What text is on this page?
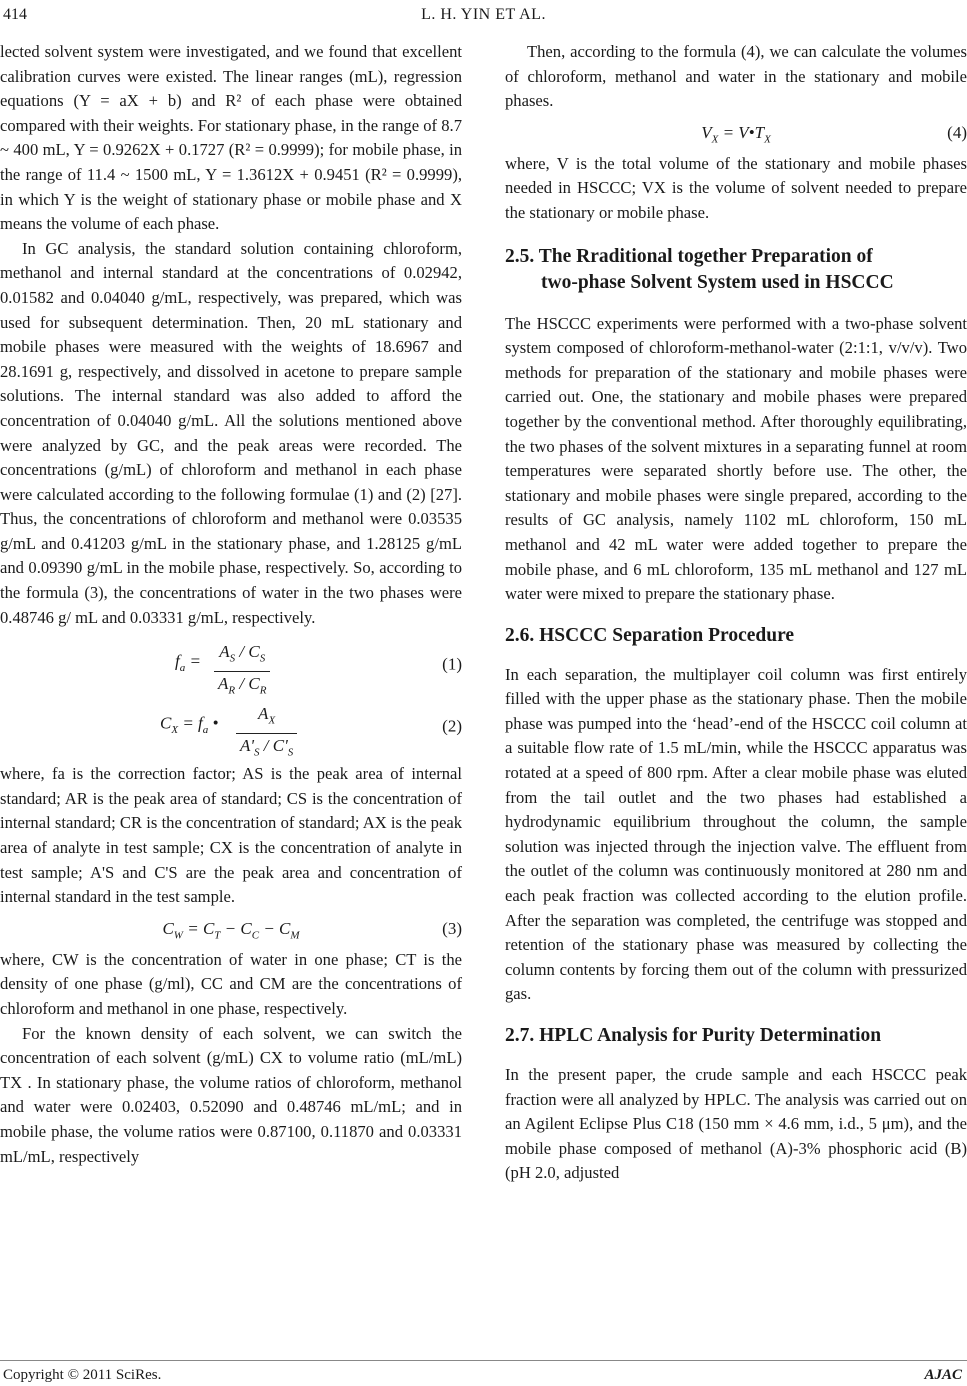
414	L. H. YIN ET AL.

lected solvent system were investigated, and we found that excellent calibration curves were existed. The linear ranges (mL), regression equations (Y = aX + b) and R² of each phase were obtained compared with their weights. For stationary phase, in the range of 8.7 ~ 400 mL, Y = 0.9262X + 0.1727 (R² = 0.9999); for mobile phase, in the range of 11.4 ~ 1500 mL, Y = 1.3612X + 0.9451 (R² = 0.9999), in which Y is the weight of stationary phase or mobile phase and X means the volume of each phase.

In GC analysis, the standard solution containing chloroform, methanol and internal standard at the concentrations of 0.02942, 0.01582 and 0.04040 g/mL, respectively, was prepared, which was used for subsequent determination. Then, 20 mL stationary and mobile phases were measured with the weights of 18.6967 and 28.1691 g, respectively, and dissolved in acetone to prepare sample solutions. The internal standard was also added to afford the concentration of 0.04040 g/mL. All the solutions mentioned above were analyzed by GC, and the peak areas were recorded. The concentrations (g/mL) of chloroform and methanol in each phase were calculated according to the following formulae (1) and (2) [27]. Thus, the concentrations of chloroform and methanol were 0.03535 g/mL and 0.41203 g/mL in the stationary phase, and 1.28125 g/mL and 0.09390 g/mL in the mobile phase, respectively. So, according to the formula (3), the concentrations of water in the two phases were 0.48746 g/ mL and 0.03331 g/mL, respectively.

$f_a = \frac{A_S / C_S}{A_R / C_R}$	(1)
$C_X = f_a$ • $\frac{A_X}{A'_S / C'_S}$	(2)

where, fa is the correction factor; AS is the peak area of internal standard; AR is the peak area of standard; CS is the concentration of internal standard; CR is the concentration of standard; AX is the peak area of analyte in test sample; CX is the concentration of analyte in test sample; A'S and C'S are the peak area and concentration of internal standard in the test sample.

$C_W = C_T - C_C - C_M$	(3)

where, CW is the concentration of water in one phase; CT is the density of one phase (g/ml), CC and CM are the concentrations of chloroform and methanol in one phase, respectively.

For the known density of each solvent, we can switch the concentration of each solvent (g/mL) CX to volume ratio (mL/mL) TX . In stationary phase, the volume ratios of chloroform, methanol and water were 0.02403, 0.52090 and 0.48746 mL/mL; and in mobile phase, the volume ratios were 0.87100, 0.11870 and 0.03331 mL/mL, respectively

Then, according to the formula (4), we can calculate the volumes of chloroform, methanol and water in the stationary and mobile phases.

$V_X$ = $V•T_X$	(4)

where, V is the total volume of the stationary and mobile phases needed in HSCCC; VX is the volume of solvent needed to prepare the stationary or mobile phase.

2.5. The Rraditional together Preparation of
two-phase Solvent System used in HSCCC

The HSCCC experiments were performed with a two-phase solvent system composed of chloroform-methanol-water (2:1:1, v/v/v). Two methods for preparation of the stationary and mobile phases were carried out. One, the stationary and mobile phases were prepared together by the conventional method. After thoroughly equilibrating, the two phases of the solvent mixtures in a separating funnel at room temperatures were separated shortly before use. The other, the stationary and mobile phases were single prepared, according to the results of GC analysis, namely 1102 mL chloroform, 150 mL methanol and 42 mL water were added together to prepare the mobile phase, and 6 mL chloroform, 135 mL methanol and 127 mL water were mixed to prepare the stationary phase.

2.6. HSCCC Separation Procedure

In each separation, the multiplayer coil column was first entirely filled with the upper phase as the stationary phase. Then the mobile phase was pumped into the ‘head’-end of the HSCCC coil column at a suitable flow rate of 1.5 mL/min, while the HSCCC apparatus was rotated at a speed of 800 rpm. After a clear mobile phase was eluted from the tail outlet and the two phases had established a hydrodynamic equilibrium throughout the column, the sample solution was injected through the injection valve. The effluent from the outlet of the column was continuously monitored at 280 nm and each peak fraction was collected according to the elution profile. After the separation was completed, the centrifuge was stopped and retention of the stationary phase was measured by collecting the column contents by forcing them out of the column with pressurized gas.

2.7. HPLC Analysis for Purity Determination

In the present paper, the crude sample and each HSCCC peak fraction were all analyzed by HPLC. The analysis was carried out on an Agilent Eclipse Plus C18 (150 mm × 4.6 mm, i.d., 5 μm), and the mobile phase composed of methanol (A)-3% phosphoric acid (B) (pH 2.0, adjusted

Copyright © 2011 SciRes.	AJAC
